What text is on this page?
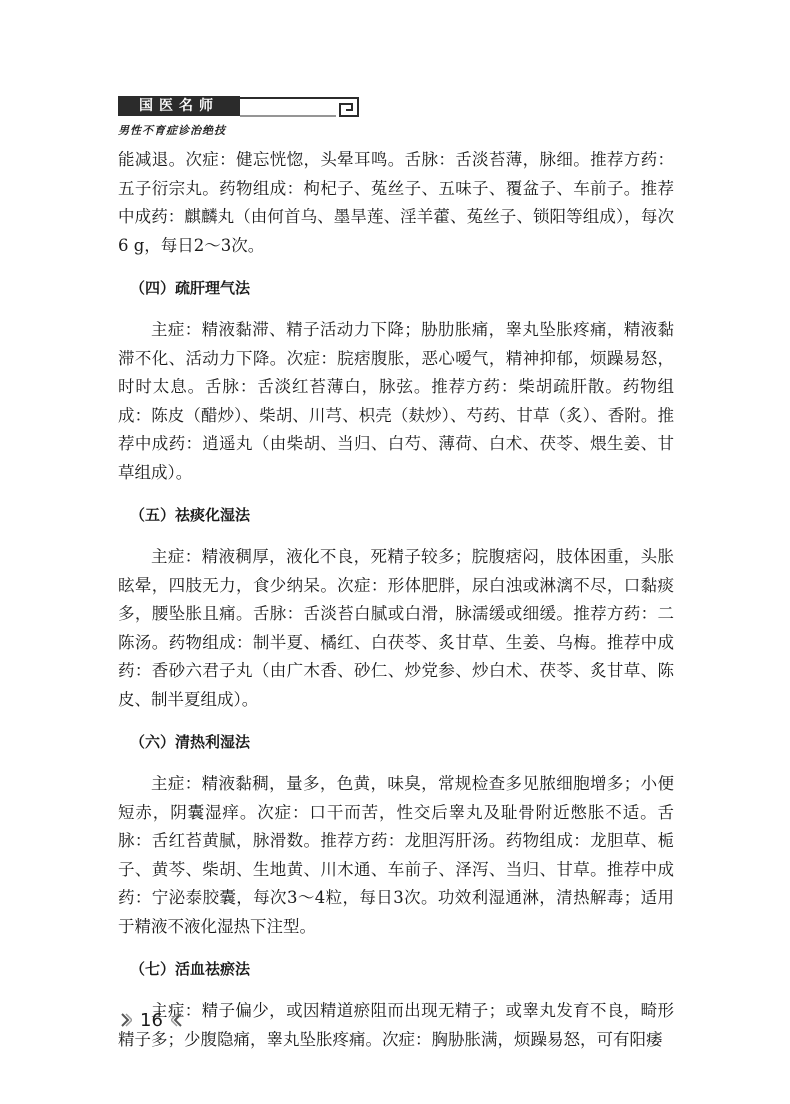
国医名师
男性不育症诊治绝技

能减退。次症：健忘恍惚，头晕耳鸣。舌脉：舌淡苔薄，脉细。推荐方药：五子衍宗丸。药物组成：枸杞子、菟丝子、五味子、覆盆子、车前子。推荐中成药：麒麟丸（由何首乌、墨旱莲、淫羊藿、菟丝子、锁阳等组成），每次6 g，每日2～3次。

（四）疏肝理气法

主症：精液黏滞、精子活动力下降；胁肋胀痛，睾丸坠胀疼痛，精液黏滞不化、活动力下降。次症：脘痞腹胀，恶心嗳气，精神抑郁，烦躁易怒，时时太息。舌脉：舌淡红苔薄白，脉弦。推荐方药：柴胡疏肝散。药物组成：陈皮（醋炒）、柴胡、川芎、枳壳（麸炒）、芍药、甘草（炙）、香附。推荐中成药：逍遥丸（由柴胡、当归、白芍、薄荷、白术、茯苓、煨生姜、甘草组成）。

（五）祛痰化湿法

主症：精液稠厚，液化不良，死精子较多；脘腹痞闷，肢体困重，头胀眩晕，四肢无力，食少纳呆。次症：形体肥胖，尿白浊或淋漓不尽，口黏痰多，腰坠胀且痛。舌脉：舌淡苔白腻或白滑，脉濡缓或细缓。推荐方药：二陈汤。药物组成：制半夏、橘红、白茯苓、炙甘草、生姜、乌梅。推荐中成药：香砂六君子丸（由广木香、砂仁、炒党参、炒白术、茯苓、炙甘草、陈皮、制半夏组成）。

（六）清热利湿法

主症：精液黏稠，量多，色黄，味臭，常规检查多见脓细胞增多；小便短赤，阴囊湿痒。次症：口干而苦，性交后睾丸及耻骨附近憋胀不适。舌脉：舌红苔黄腻，脉滑数。推荐方药：龙胆泻肝汤。药物组成：龙胆草、栀子、黄芩、柴胡、生地黄、川木通、车前子、泽泻、当归、甘草。推荐中成药：宁泌泰胶囊，每次3～4粒，每日3次。功效利湿通淋，清热解毒；适用于精液不液化湿热下注型。

（七）活血祛瘀法

主症：精子偏少，或因精道瘀阻而出现无精子；或睾丸发育不良，畸形精子多；少腹隐痛，睾丸坠胀疼痛。次症：胸胁胀满，烦躁易怒，可有阳痿

16
